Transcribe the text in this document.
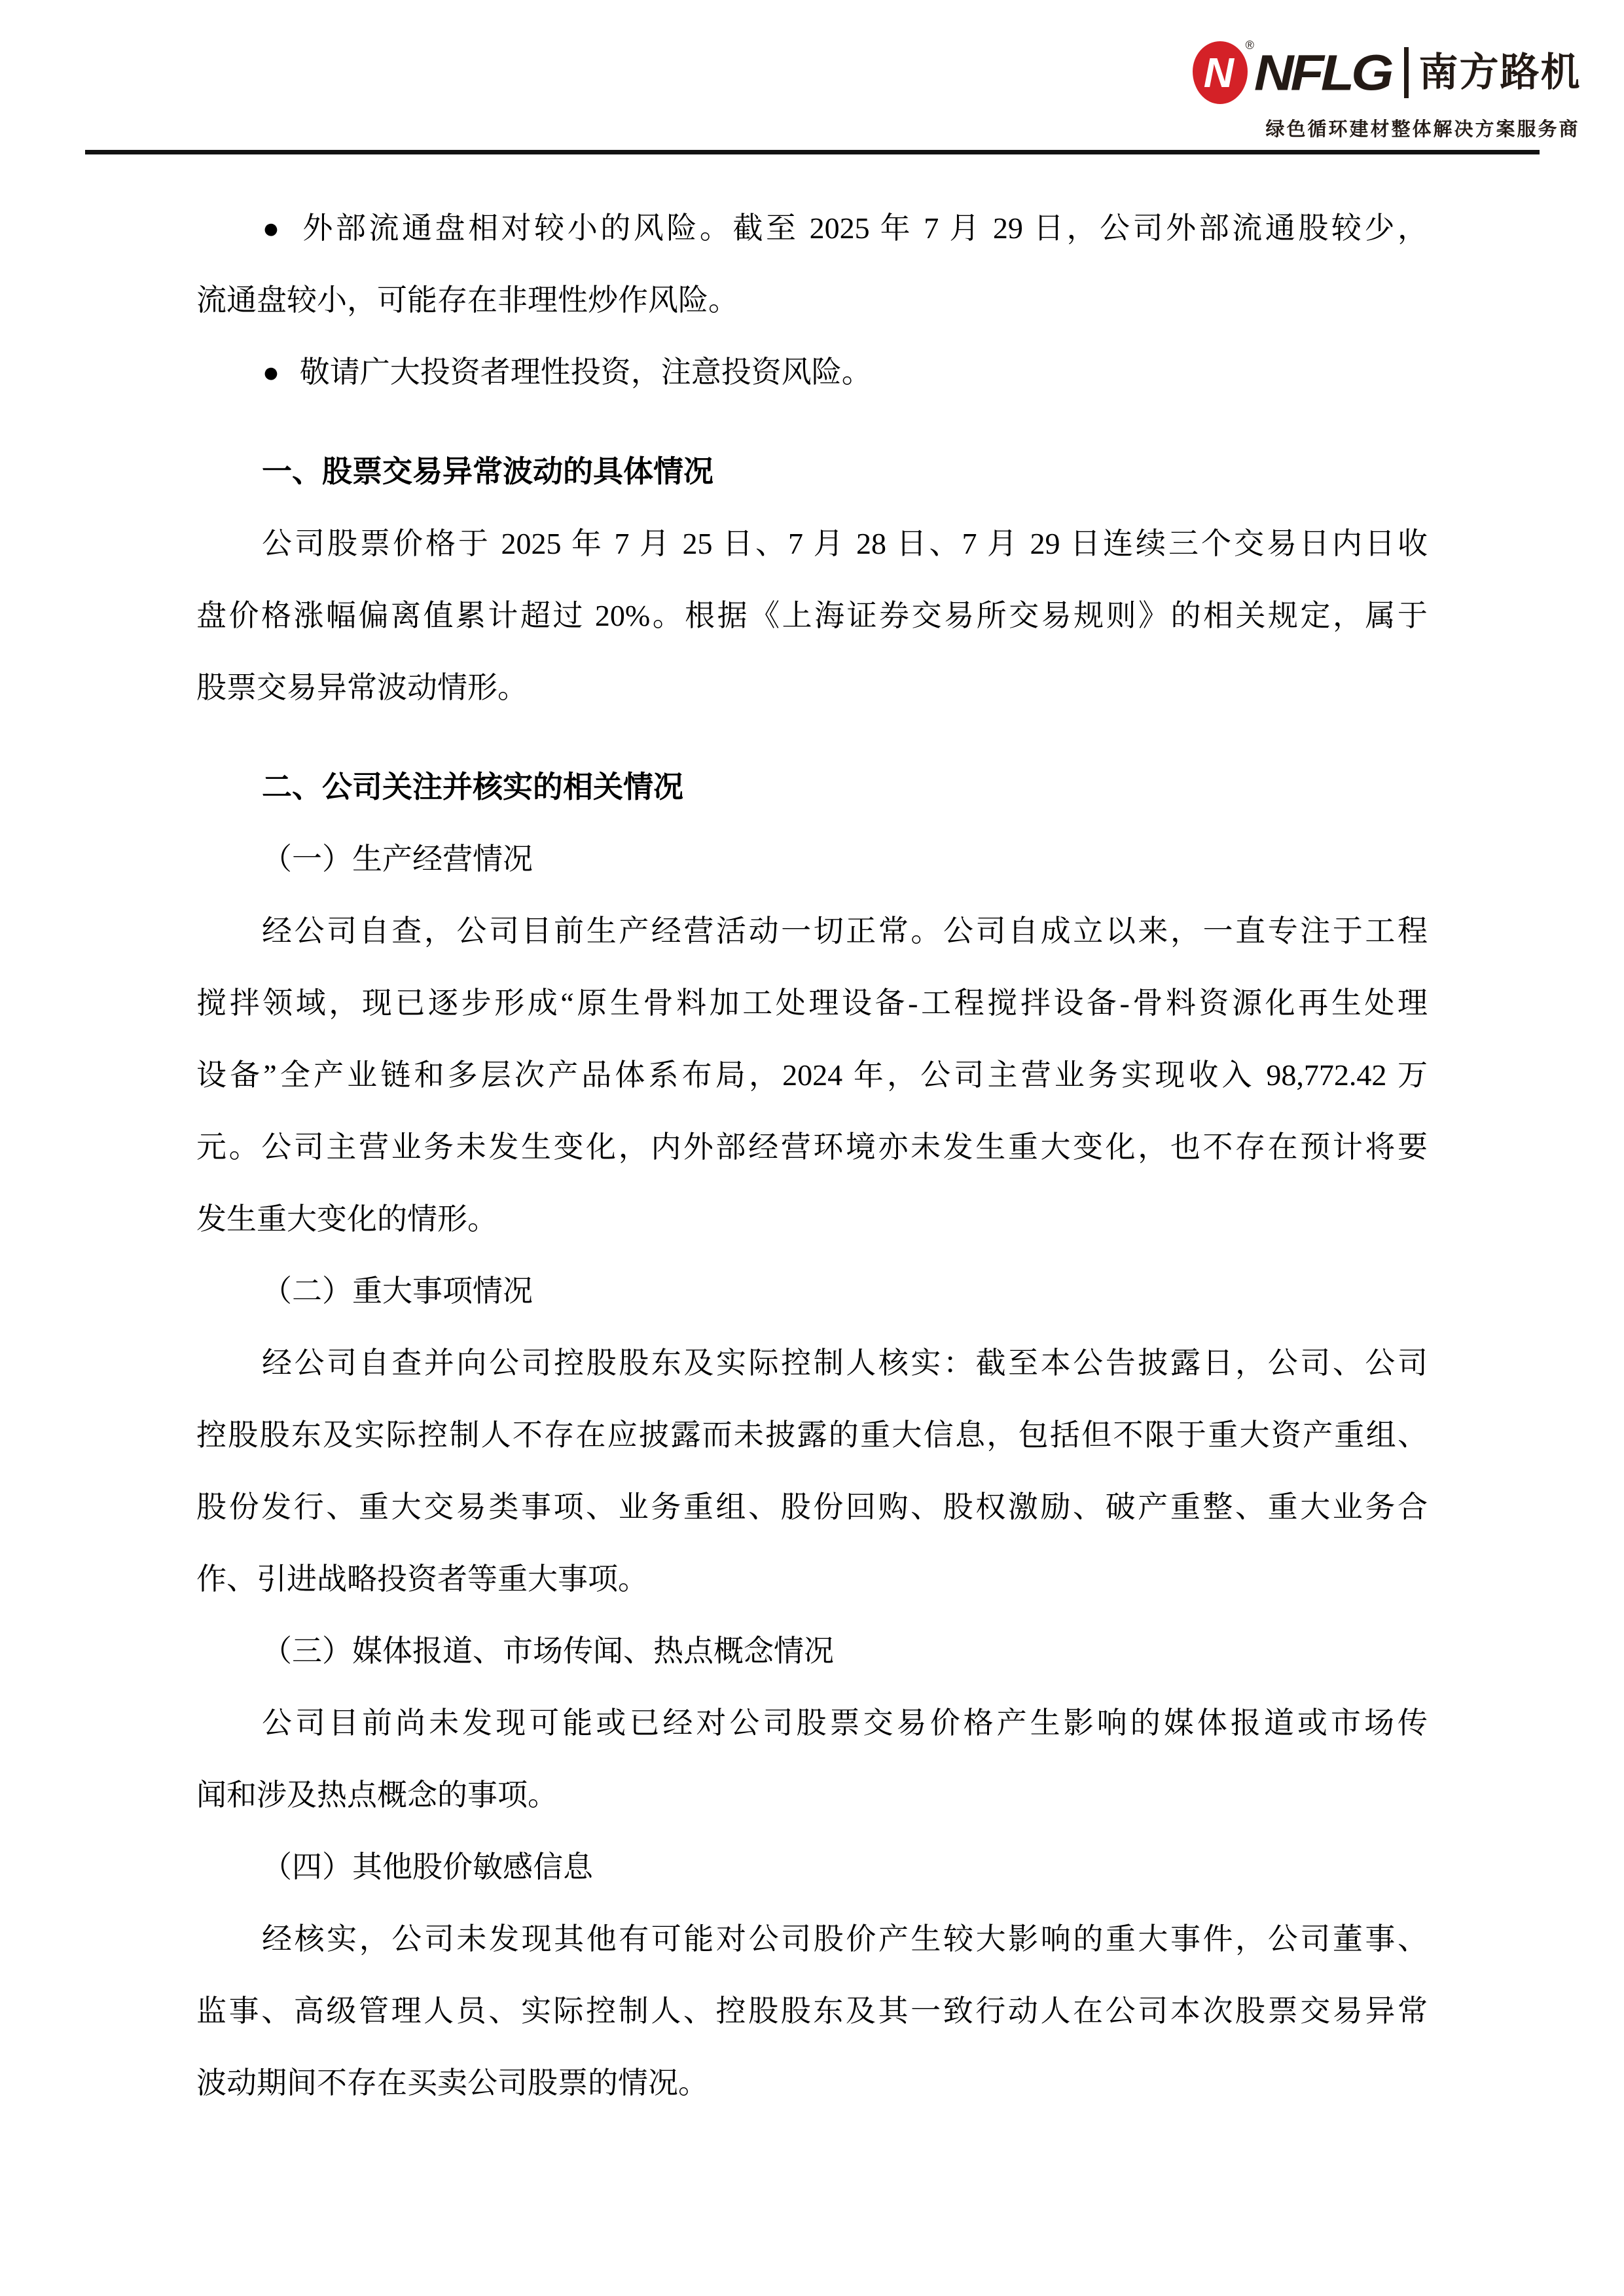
N
® NFLG 南方路机
绿色循环建材整体解决方案服务商
● 外部流通盘相对较小的风险。截至 2025 年 7 月 29 日，公司外部流通股较少，
流通盘较小，可能存在非理性炒作风险。
● 敬请广大投资者理性投资，注意投资风险。
一、股票交易异常波动的具体情况
公司股票价格于 2025 年 7 月 25 日、7 月 28 日、7 月 29 日连续三个交易日内日收
盘价格涨幅偏离值累计超过 20%。根据《上海证券交易所交易规则》的相关规定，属于
股票交易异常波动情形。
二、公司关注并核实的相关情况
（一）生产经营情况
经公司自查，公司目前生产经营活动一切正常。公司自成立以来，一直专注于工程
搅拌领域，现已逐步形成“原生骨料加工处理设备-工程搅拌设备-骨料资源化再生处理
设备”全产业链和多层次产品体系布局，2024 年，公司主营业务实现收入 98,772.42 万
元。公司主营业务未发生变化，内外部经营环境亦未发生重大变化，也不存在预计将要
发生重大变化的情形。
（二）重大事项情况
经公司自查并向公司控股股东及实际控制人核实：截至本公告披露日，公司、公司
控股股东及实际控制人不存在应披露而未披露的重大信息，包括但不限于重大资产重组、
股份发行、重大交易类事项、业务重组、股份回购、股权激励、破产重整、重大业务合
作、引进战略投资者等重大事项。
（三）媒体报道、市场传闻、热点概念情况
公司目前尚未发现可能或已经对公司股票交易价格产生影响的媒体报道或市场传
闻和涉及热点概念的事项。
（四）其他股价敏感信息
经核实，公司未发现其他有可能对公司股价产生较大影响的重大事件，公司董事、
监事、高级管理人员、实际控制人、控股股东及其一致行动人在公司本次股票交易异常
波动期间不存在买卖公司股票的情况。
